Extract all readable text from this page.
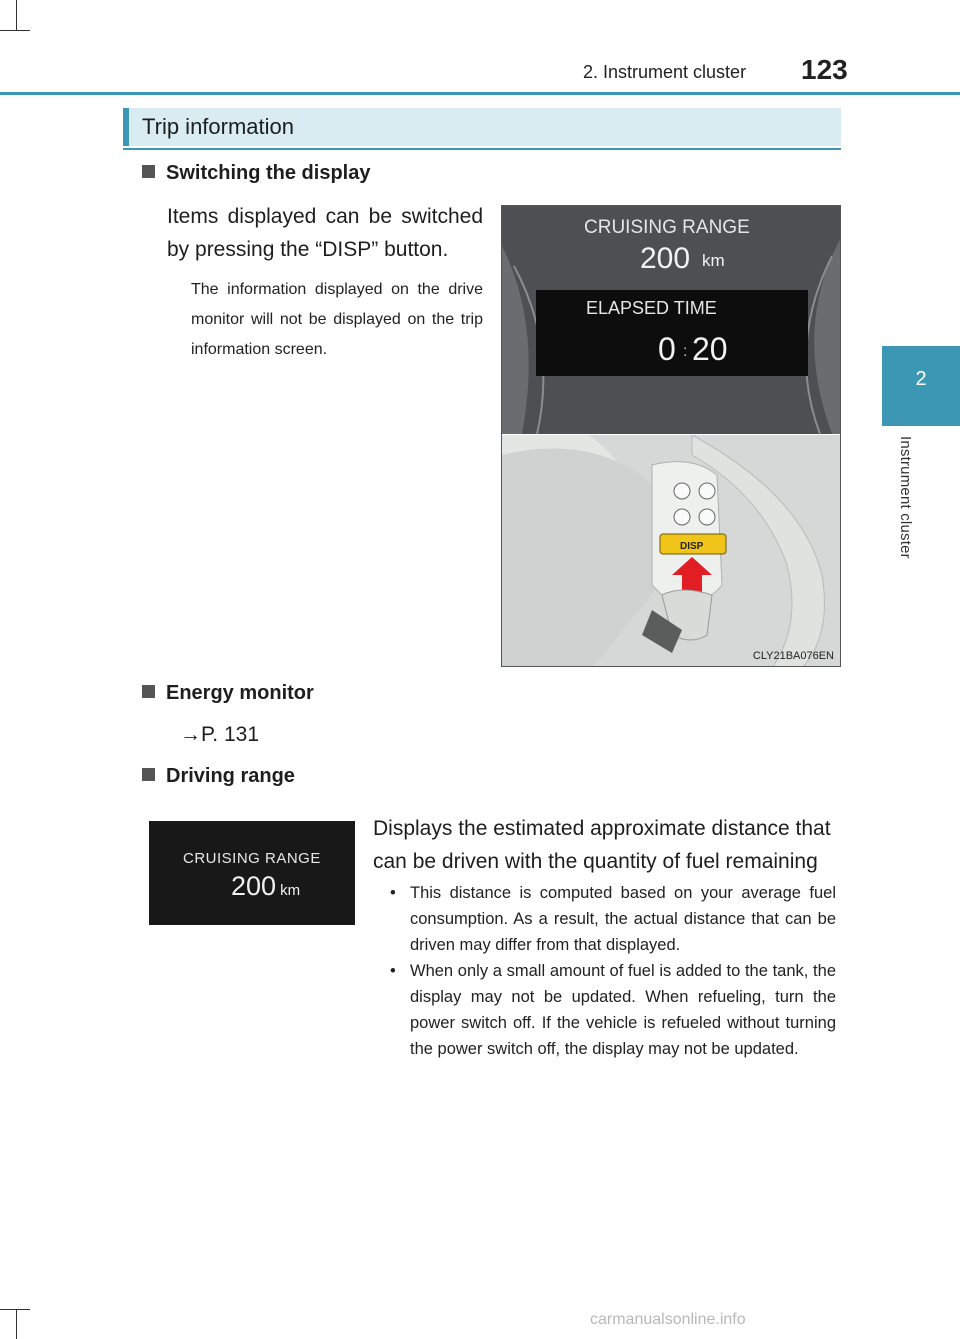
2. Instrument cluster 123
2
Instrument cluster
Trip information
Switching the display
Items displayed can be switched by pressing the “DISP” button.
The information displayed on the drive monitor will not be displayed on the trip information screen.
CRUISING RANGE
200 km
ELAPSED TIME
0 : 20
DISP
CLY21BA076EN
Energy monitor
→P. 131
Driving range
CRUISING RANGE
200 km
Displays the estimated approximate distance that can be driven with the quantity of fuel remaining
• This distance is computed based on your average fuel consumption. As a result, the actual distance that can be driven may differ from that displayed.
• When only a small amount of fuel is added to the tank, the display may not be updated. When refueling, turn the power switch off. If the vehicle is refueled without turning the power switch off, the display may not be updated.
carmanualsonline.info
